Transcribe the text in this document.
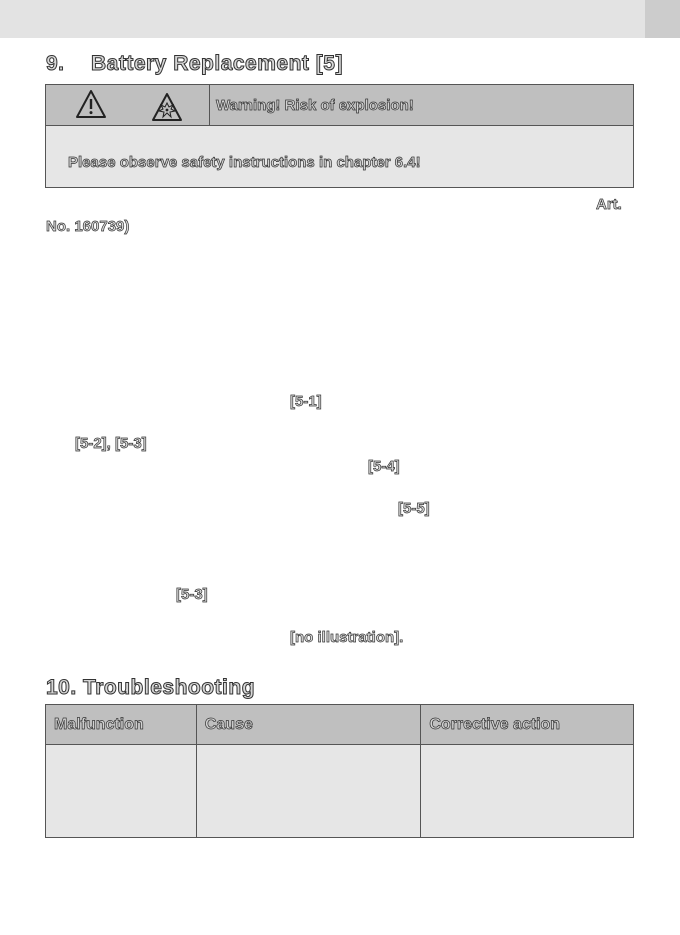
9. Battery Replacement [5]
Warning! Risk of explosion!
Please observe safety instructions in chapter 6.4!
Art.
No. 160739)
[5-1]
[5-2], [5-3]
[5-4]
[5-5]
[5-3]
[no illustration].
10. Troubleshooting
Malfunction	Cause	Corrective action
